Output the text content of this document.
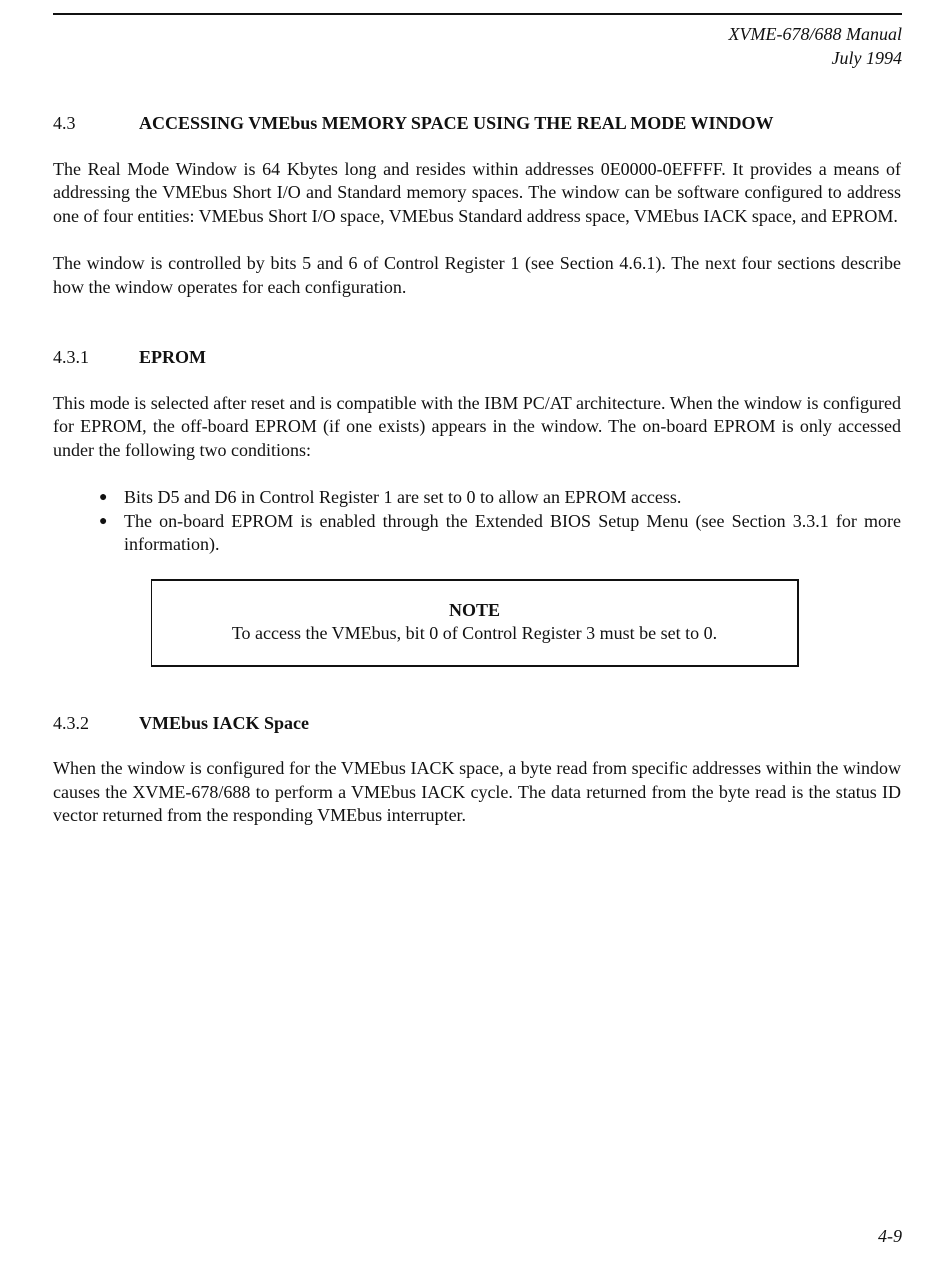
XVME-678/688 Manual
July 1994
4.3	ACCESSING VMEbus MEMORY SPACE USING THE REAL MODE WINDOW

The Real Mode Window is 64 Kbytes long and resides within addresses 0E0000-0EFFFF. It provides a means of addressing the VMEbus Short I/O and Standard memory spaces. The window can be software configured to address one of four entities: VMEbus Short I/O space, VMEbus Standard address space, VMEbus IACK space, and EPROM.

The window is controlled by bits 5 and 6 of Control Register 1 (see Section 4.6.1). The next four sections describe how the window operates for each configuration.

4.3.1	EPROM

This mode is selected after reset and is compatible with the IBM PC/AT architecture. When the window is configured for EPROM, the off-board EPROM (if one exists) appears in the window. The on-board EPROM is only accessed under the following two conditions:

● Bits D5 and D6 in Control Register 1 are set to 0 to allow an EPROM access.
● The on-board EPROM is enabled through the Extended BIOS Setup Menu (see Section 3.3.1 for more information).
NOTE
To access the VMEbus, bit 0 of Control Register 3 must be set to 0.
4.3.2	VMEbus IACK Space

When the window is configured for the VMEbus IACK space, a byte read from specific addresses within the window causes the XVME-678/688 to perform a VMEbus IACK cycle. The data returned from the byte read is the status ID vector returned from the responding VMEbus interrupter.

4-9
